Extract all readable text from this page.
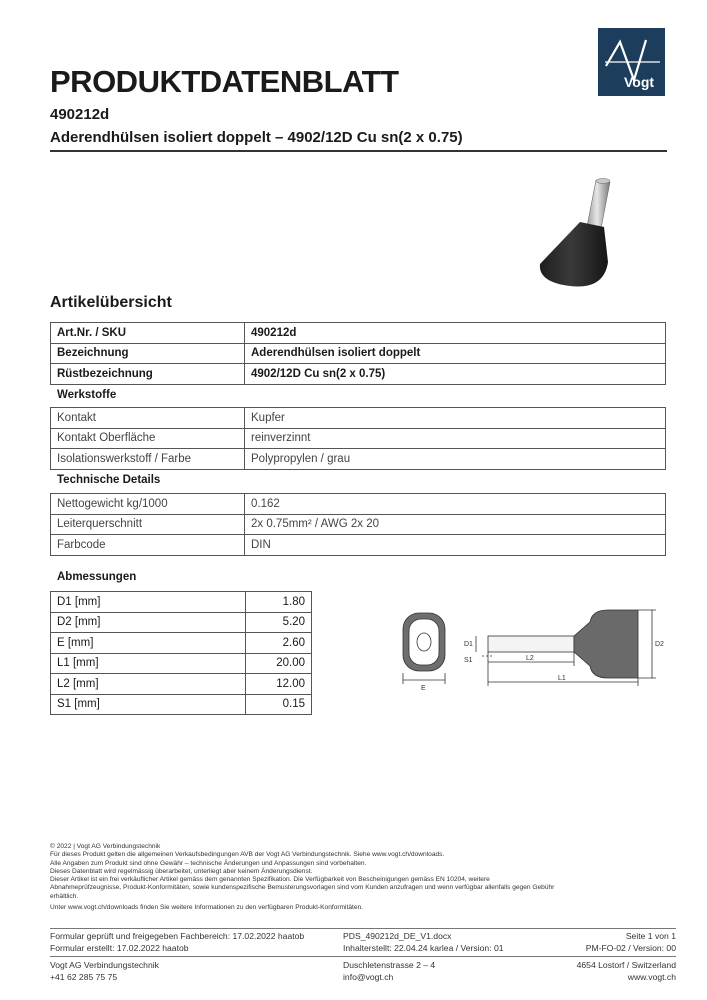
Vogt
PRODUKTDATENBLATT
490212d
Aderendhülsen isoliert doppelt – 4902/12D Cu sn(2 x 0.75)
Artikelübersicht
Art.Nr. / SKU	490212d
Bezeichnung	Aderendhülsen isoliert doppelt
Rüstbezeichnung	4902/12D Cu sn(2 x 0.75)
Werkstoffe
Kontakt	Kupfer
Kontakt Oberfläche	reinverzinnt
Isolationswerkstoff / Farbe	Polypropylen / grau
Technische Details
Nettogewicht kg/1000	0.162
Leiterquerschnitt	2x 0.75mm² / AWG 2x 20
Farbcode	DIN
Abmessungen
D1 [mm]	1.80
D2 [mm]	5.20
E [mm]	2.60
L1 [mm]	20.00
L2 [mm]	12.00
S1 [mm]	0.15
E
D1
S1	L2
L1
D2
© 2022 | Vogt AG Verbindungstechnik
Für dieses Produkt gelten die allgemeinen Verkaufsbedingungen AVB der Vogt AG Verbindungstechnik. Siehe www.vogt.ch/downloads.
Alle Angaben zum Produkt sind ohne Gewähr – technische Änderungen und Anpassungen sind vorbehalten.
Dieses Datenblatt wird regelmässig überarbeitet, unterliegt aber keinem Änderungsdienst.
Dieser Artikel ist ein frei verkäuflicher Artikel gemäss dem genannten Spezifikation. Die Verfügbarkeit von Bescheinigungen gemäss EN 10204, weitere
Abnahmeprüfzeugnisse, Produkt-Konformitäten, sowie kundenspezifische Bemusterungsvorlagen sind vom Kunden anzufragen und wenn verfügbar allenfalls gegen Gebühr
erhältlich.
Unter www.vogt.ch/downloads finden Sie weitere Informationen zu den verfügbaren Produkt-Konformitäten.
Formular geprüft und freigegeben Fachbereich: 17.02.2022 haatob
Formular erstellt: 17.02.2022 haatob
PDS_490212d_DE_V1.docx
Inhalterstellt: 22.04.24 karlea / Version: 01
Seite 1 von 1
PM-FO-02 / Version: 00
Vogt AG Verbindungstechnik
+41 62 285 75 75
Duschletenstrasse 2 – 4
info@vogt.ch
4654 Lostorf / Switzerland
www.vogt.ch
